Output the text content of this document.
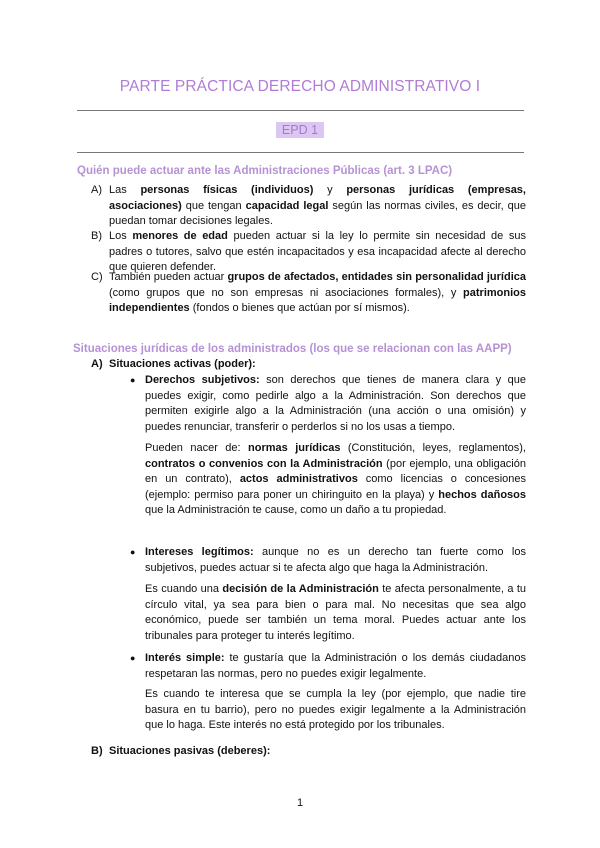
PARTE PRÁCTICA DERECHO ADMINISTRATIVO I
EPD 1
Quién puede actuar ante las Administraciones Públicas (art. 3 LPAC)
A) Las personas físicas (individuos) y personas jurídicas (empresas, asociaciones) que tengan capacidad legal según las normas civiles, es decir, que puedan tomar decisiones legales.
B) Los menores de edad pueden actuar si la ley lo permite sin necesidad de sus padres o tutores, salvo que estén incapacitados y esa incapacidad afecte al derecho que quieren defender.
C) También pueden actuar grupos de afectados, entidades sin personalidad jurídica (como grupos que no son empresas ni asociaciones formales), y patrimonios independientes (fondos o bienes que actúan por sí mismos).
Situaciones jurídicas de los administrados (los que se relacionan con las AAPP)
A) Situaciones activas (poder):
● Derechos subjetivos: son derechos que tienes de manera clara y que puedes exigir, como pedirle algo a la Administración. Son derechos que permiten exigirle algo a la Administración (una acción o una omisión) y puedes renunciar, transferir o perderlos si no los usas a tiempo.
Pueden nacer de: normas jurídicas (Constitución, leyes, reglamentos), contratos o convenios con la Administración (por ejemplo, una obligación en un contrato), actos administrativos como licencias o concesiones (ejemplo: permiso para poner un chiringuito en la playa) y hechos dañosos que la Administración te cause, como un daño a tu propiedad.
● Intereses legítimos: aunque no es un derecho tan fuerte como los subjetivos, puedes actuar si te afecta algo que haga la Administración.
Es cuando una decisión de la Administración te afecta personalmente, a tu círculo vital, ya sea para bien o para mal. No necesitas que sea algo económico, puede ser también un tema moral. Puedes actuar ante los tribunales para proteger tu interés legítimo.
● Interés simple: te gustaría que la Administración o los demás ciudadanos respetaran las normas, pero no puedes exigir legalmente.
Es cuando te interesa que se cumpla la ley (por ejemplo, que nadie tire basura en tu barrio), pero no puedes exigir legalmente a la Administración que lo haga. Este interés no está protegido por los tribunales.
B) Situaciones pasivas (deberes):
1
